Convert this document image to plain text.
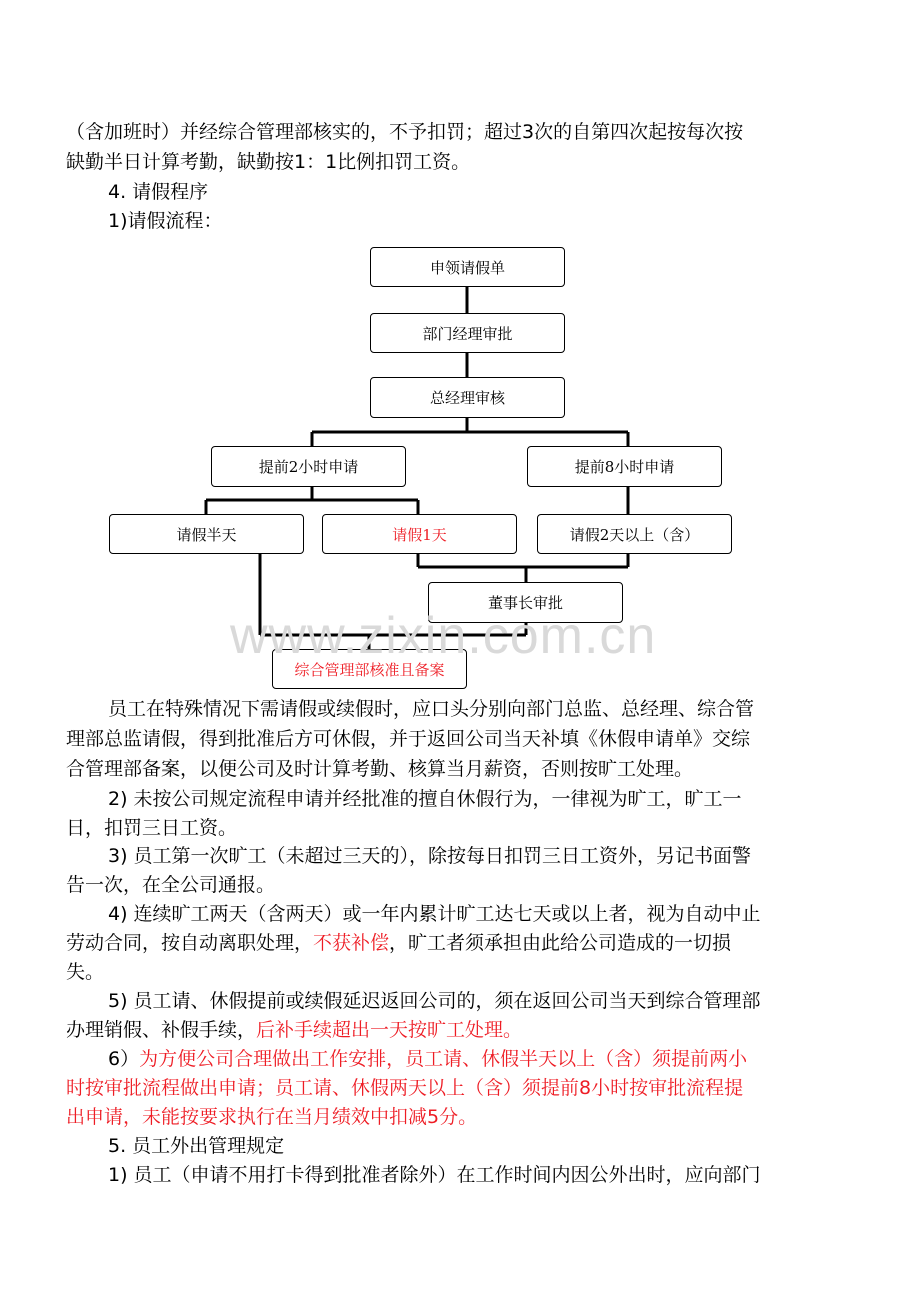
（含加班时）并经综合管理部核实的，不予扣罚；超过3次的自第四次起按每次按
缺勤半日计算考勤，缺勤按1：1比例扣罚工资。
4. 请假程序
1)请假流程：
申领请假单
部门经理审批
总经理审核
提前2小时申请	提前8小时申请
请假半天	请假1天	请假2天以上（含）
董事长审批
综合管理部核准且备案
www.zixin.com.cn
员工在特殊情况下需请假或续假时，应口头分别向部门总监、总经理、综合管
理部总监请假，得到批准后方可休假，并于返回公司当天补填《休假申请单》交综
合管理部备案，以便公司及时计算考勤、核算当月薪资，否则按旷工处理。
2) 未按公司规定流程申请并经批准的擅自休假行为，一律视为旷工，旷工一
日，扣罚三日工资。
3) 员工第一次旷工（未超过三天的），除按每日扣罚三日工资外，另记书面警
告一次，在全公司通报。
4) 连续旷工两天（含两天）或一年内累计旷工达七天或以上者，视为自动中止
劳动合同，按自动离职处理，不获补偿，旷工者须承担由此给公司造成的一切损
失。
5) 员工请、休假提前或续假延迟返回公司的，须在返回公司当天到综合管理部
办理销假、补假手续，后补手续超出一天按旷工处理。
6）为方便公司合理做出工作安排，员工请、休假半天以上（含）须提前两小
时按审批流程做出申请；员工请、休假两天以上（含）须提前8小时按审批流程提
出申请，未能按要求执行在当月绩效中扣减5分。
5. 员工外出管理规定
1) 员工（申请不用打卡得到批准者除外）在工作时间内因公外出时，应向部门
